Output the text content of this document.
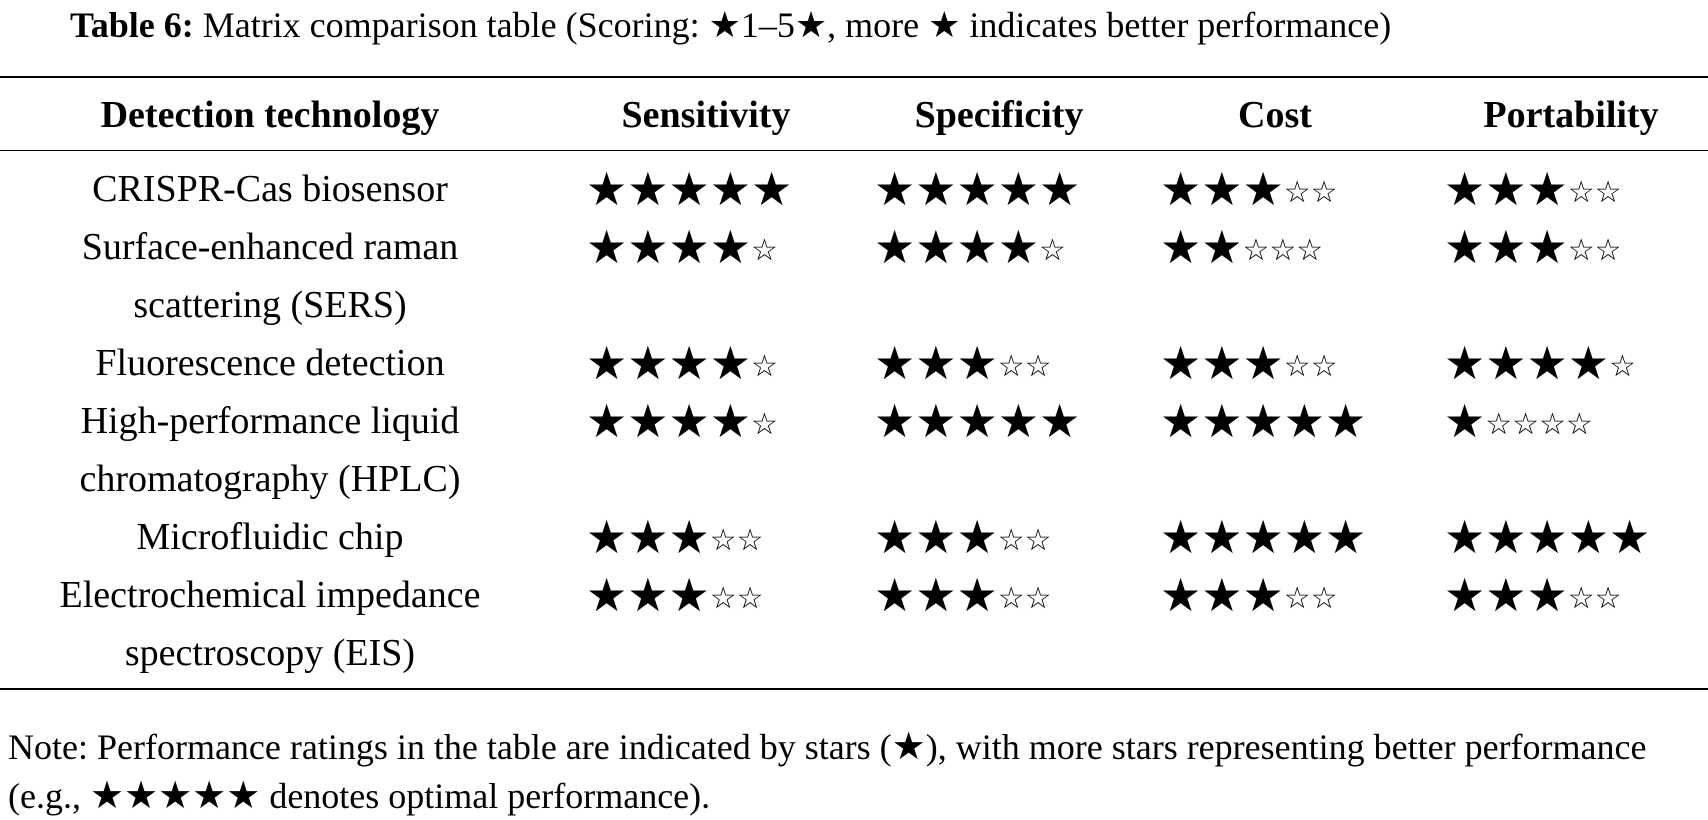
Table 6: Matrix comparison table (Scoring: ★1–5★, more ★ indicates better performance)
Detection technology	Sensitivity	Specificity	Cost	Portability
CRISPR-Cas biosensor	★★★★★ ★★★★★ ★★★☆☆ ★★★☆☆
Surface-enhanced raman
scattering (SERS)
★★★★☆ ★★★★☆ ★★☆☆☆	★★★☆☆
Fluorescence detection	★★★★☆ ★★★☆☆ ★★★☆☆ ★★★★☆
High-performance liquid
chromatography (HPLC)
★★★★☆ ★★★★★ ★★★★★ ★☆☆☆☆
Microfluidic chip	★★★☆☆ ★★★☆☆ ★★★★★ ★★★★★
Electrochemical impedance
spectroscopy (EIS)
★★★☆☆ ★★★☆☆ ★★★☆☆ ★★★☆☆
Note: Performance ratings in the table are indicated by stars (★), with more stars representing better performance (e.g., ★★★★★ denotes optimal performance).
